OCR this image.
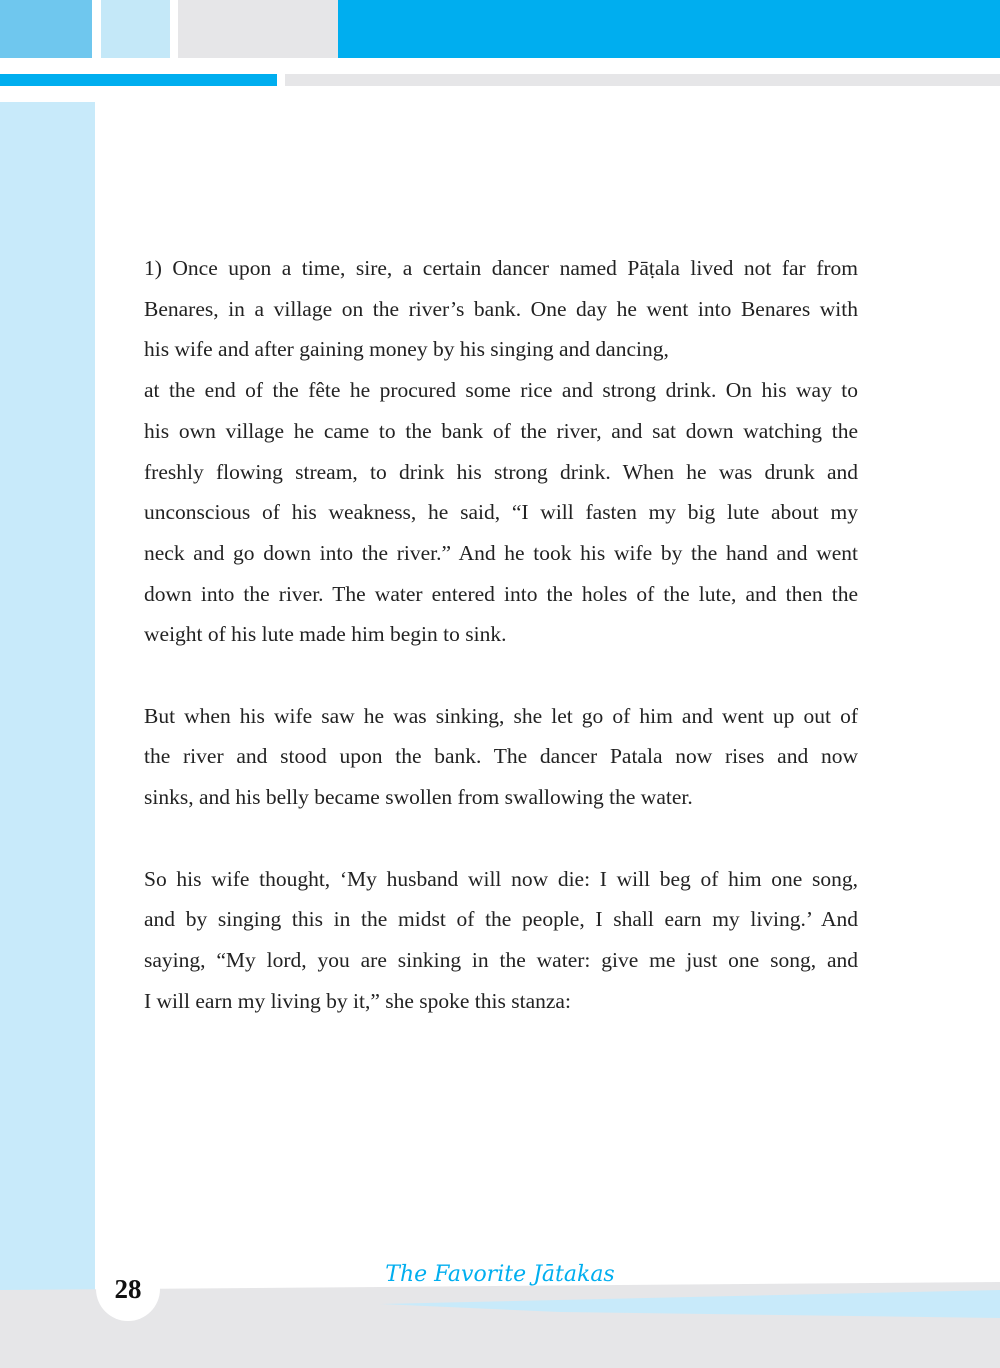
1) Once upon a time, sire, a certain dancer named Pāṭala lived not far from
Benares, in a village on the river’s bank. One day he went into Benares with
his wife and after gaining money by his singing and dancing,
at the end of the fête he procured some rice and strong drink. On his way to
his own village he came to the bank of the river, and sat down watching the
freshly flowing stream, to drink his strong drink. When he was drunk and
unconscious of his weakness, he said, “I will fasten my big lute about my
neck and go down into the river.” And he took his wife by the hand and went
down into the river. The water entered into the holes of the lute, and then the
weight of his lute made him begin to sink.

But when his wife saw he was sinking, she let go of him and went up out of
the river and stood upon the bank. The dancer Patala now rises and now
sinks, and his belly became swollen from swallowing the water.

So his wife thought, ‘My husband will now die: I will beg of him one song,
and by singing this in the midst of the people, I shall earn my living.’ And
saying, “My lord, you are sinking in the water: give me just one song, and
I will earn my living by it,” she spoke this stanza:

28	The Favorite Jātakas
